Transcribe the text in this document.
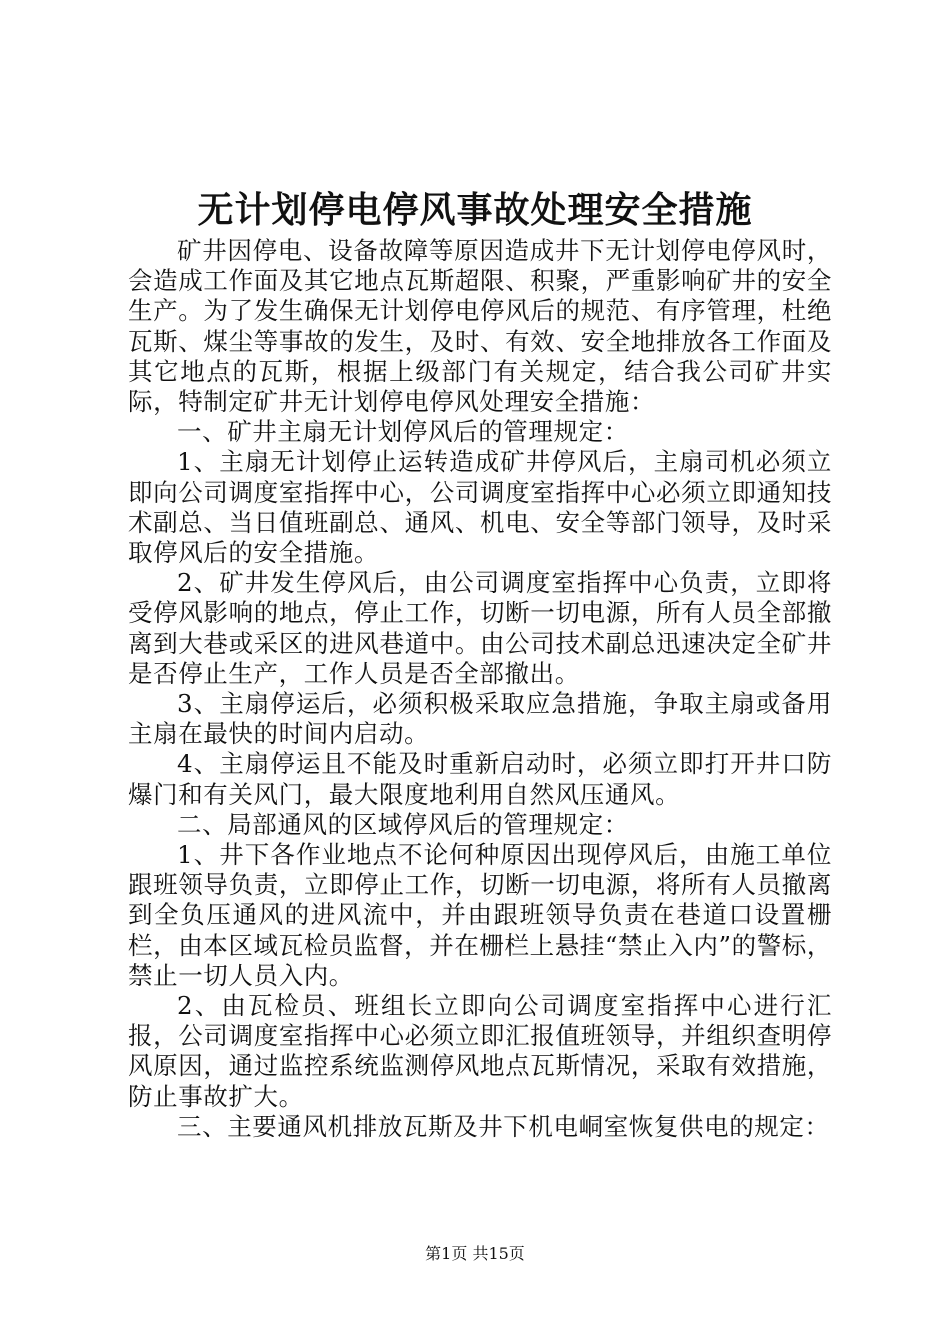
无计划停电停风事故处理安全措施

矿井因停电、设备故障等原因造成井下无计划停电停风时，会造成工作面及其它地点瓦斯超限、积聚，严重影响矿井的安全生产。为了发生确保无计划停电停风后的规范、有序管理，杜绝瓦斯、煤尘等事故的发生，及时、有效、安全地排放各工作面及其它地点的瓦斯，根据上级部门有关规定，结合我公司矿井实际，特制定矿井无计划停电停风处理安全措施：

一、矿井主扇无计划停风后的管理规定：

1、主扇无计划停止运转造成矿井停风后，主扇司机必须立即向公司调度室指挥中心，公司调度室指挥中心必须立即通知技术副总、当日值班副总、通风、机电、安全等部门领导，及时采取停风后的安全措施。

2、矿井发生停风后，由公司调度室指挥中心负责，立即将受停风影响的地点，停止工作，切断一切电源，所有人员全部撤离到大巷或采区的进风巷道中。由公司技术副总迅速决定全矿井是否停止生产，工作人员是否全部撤出。

3、主扇停运后，必须积极采取应急措施，争取主扇或备用主扇在最快的时间内启动。

4、主扇停运且不能及时重新启动时，必须立即打开井口防爆门和有关风门，最大限度地利用自然风压通风。

二、局部通风的区域停风后的管理规定：

1、井下各作业地点不论何种原因出现停风后，由施工单位跟班领导负责，立即停止工作，切断一切电源，将所有人员撤离到全负压通风的进风流中，并由跟班领导负责在巷道口设置栅栏，由本区域瓦检员监督，并在栅栏上悬挂“禁止入内”的警标，禁止一切人员入内。

2、由瓦检员、班组长立即向公司调度室指挥中心进行汇报，公司调度室指挥中心必须立即汇报值班领导，并组织查明停风原因，通过监控系统监测停风地点瓦斯情况，采取有效措施，防止事故扩大。

三、主要通风机排放瓦斯及井下机电峒室恢复供电的规定：

第1页 共15页
